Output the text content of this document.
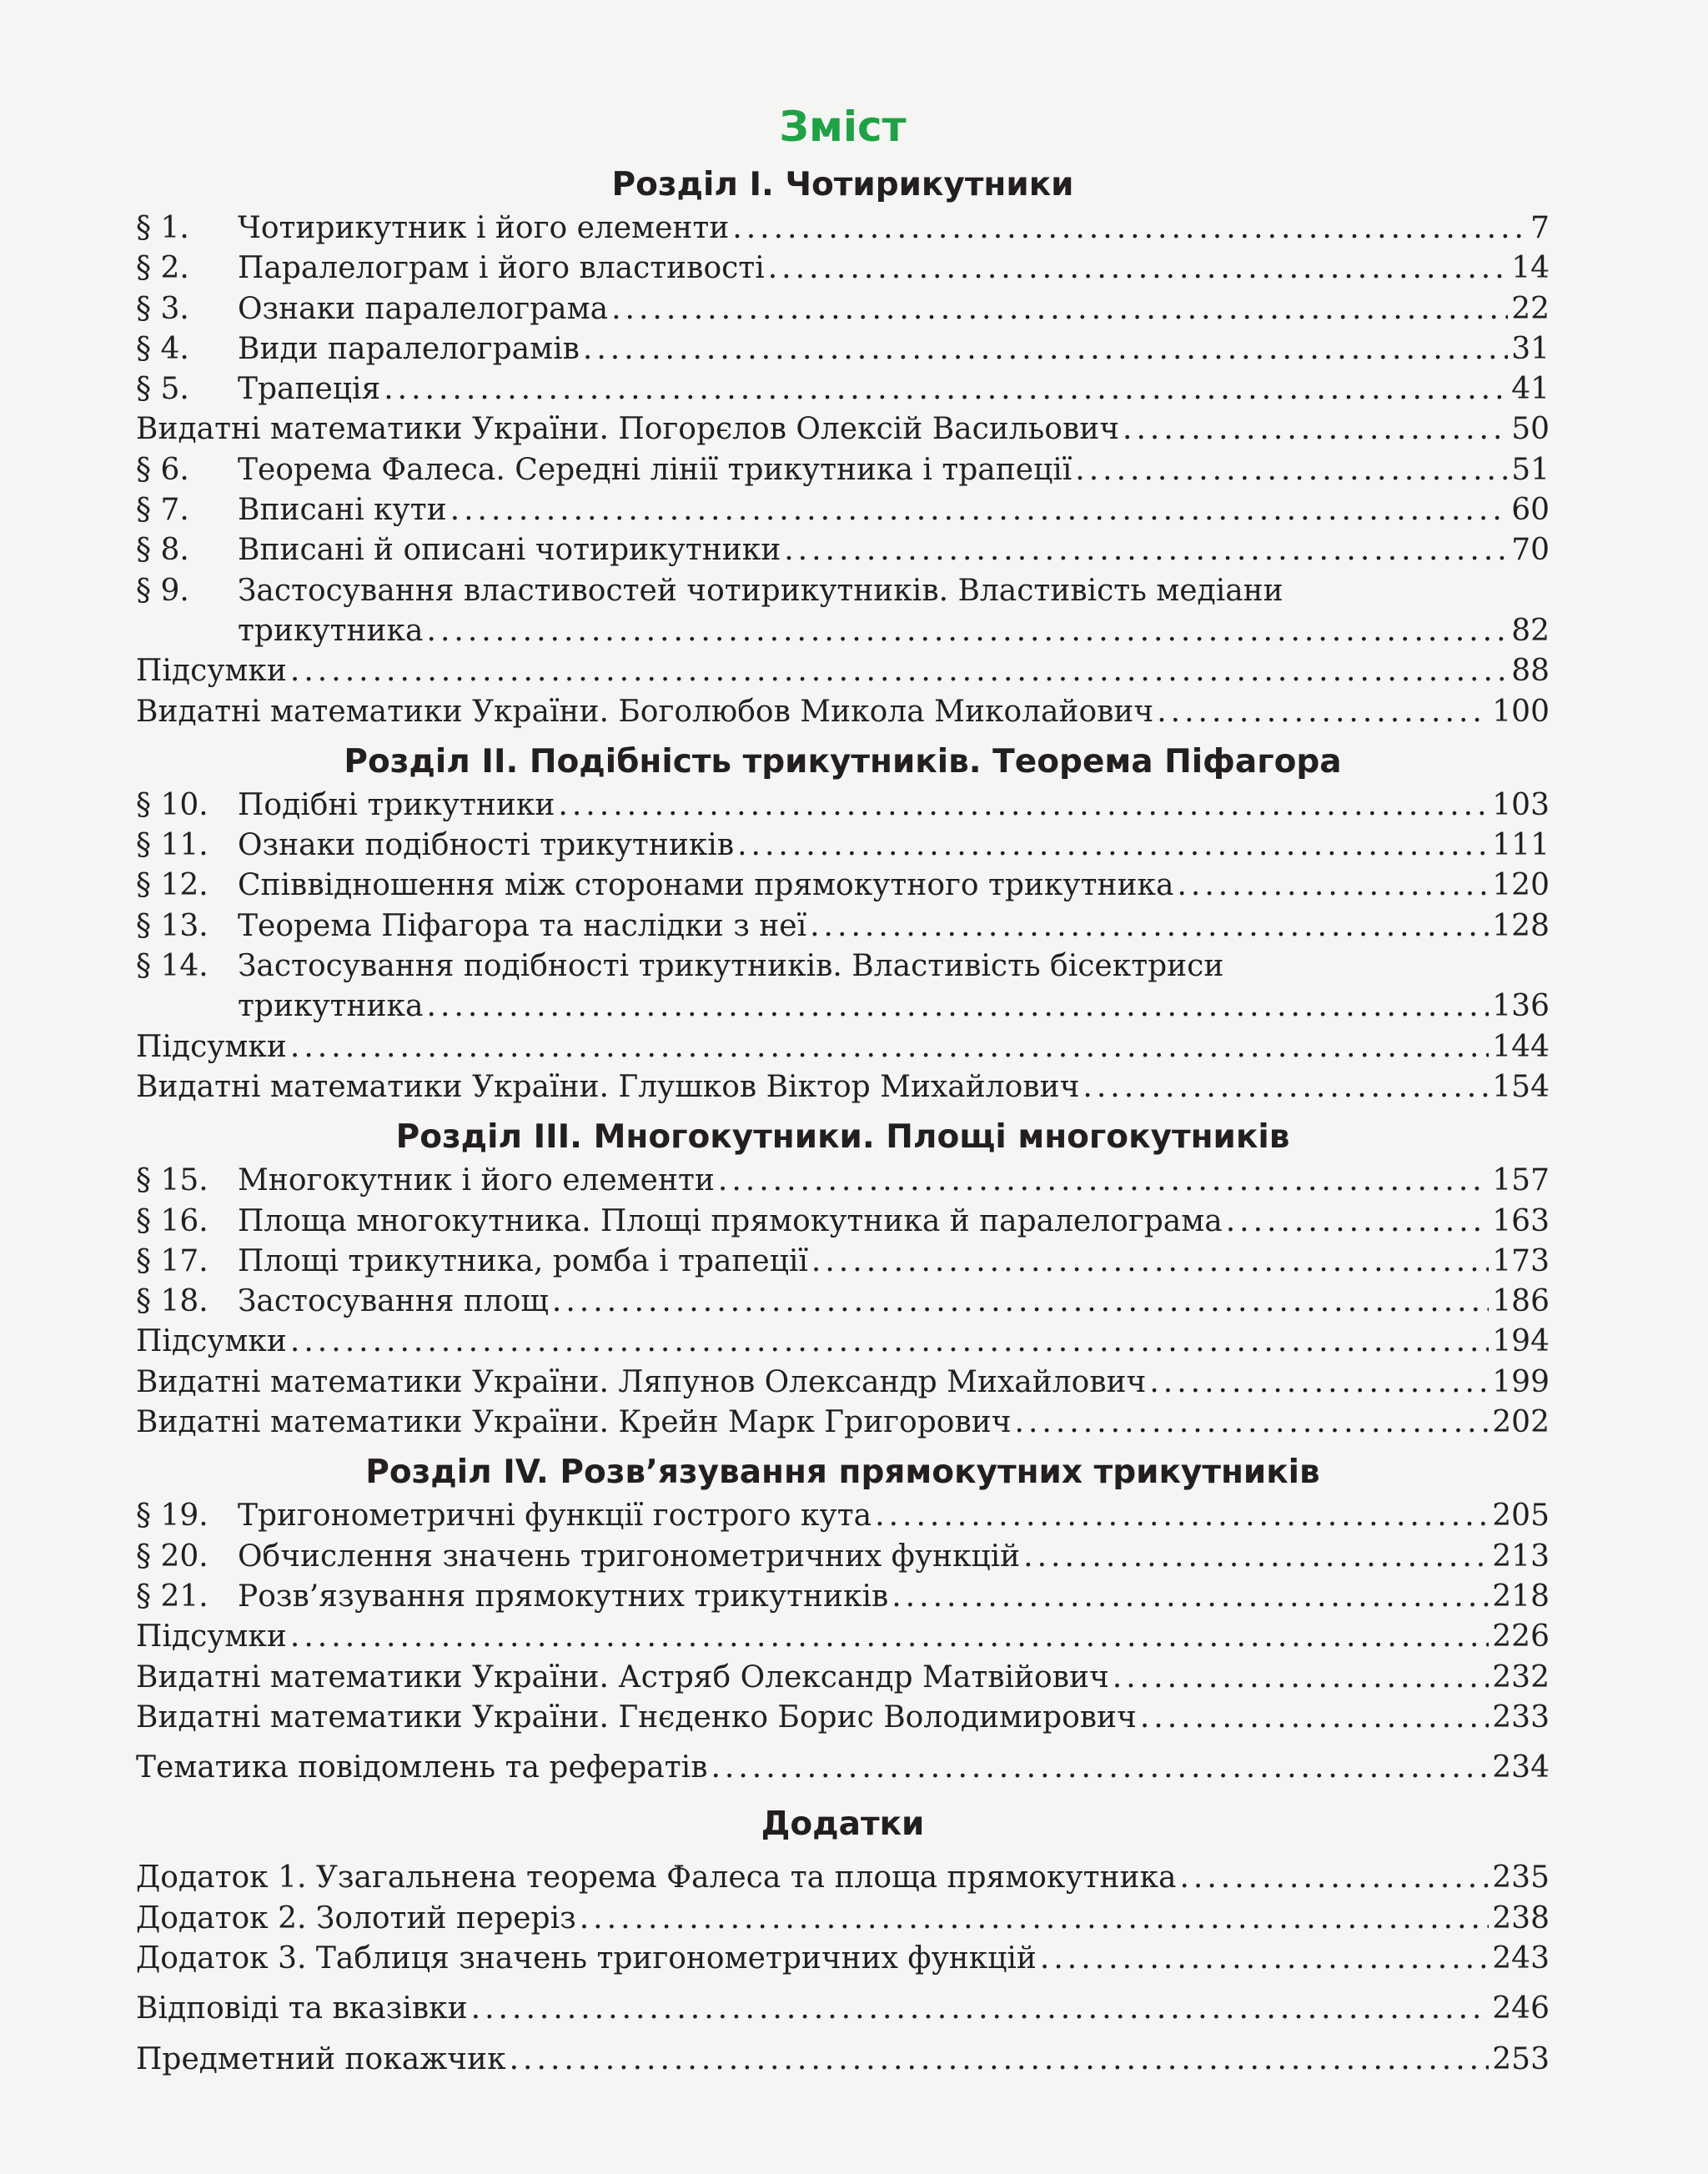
Зміст
Розділ І. Чотирикутники
§ 1.	Чотирикутник і його елементи .....	7
§ 2.	Паралелограм і його властивості .....	14
§ 3.	Ознаки паралелограма .....	22
§ 4.	Види паралелограмів .....	31
§ 5.	Трапеція .....	41
Видатні математики України. Погорєлов Олексій Васильович .....	50
§ 6.	Теорема Фалеса. Середні лінії трикутника і трапеції .....	51
§ 7.	Вписані кути .....	60
§ 8.	Вписані й описані чотирикутники .....	70
§ 9.	Застосування властивостей чотирикутників. Властивість медіани
трикутника .....	82
Підсумки .....	88
Видатні математики України. Боголюбов Микола Миколайович .....	100
Розділ ІІ. Подібність трикутників. Теорема Піфагора
§ 10. Подібні трикутники .....	103
§ 11. Ознаки подібності трикутників .....	111
§ 12. Співвідношення між сторонами прямокутного трикутника .....	120
§ 13. Теорема Піфагора та наслідки з неї .....	128
§ 14. Застосування подібності трикутників. Властивість бісектриси
трикутника .....	136
Підсумки .....	144
Видатні математики України. Глушков Віктор Михайлович .....	154
Розділ ІІІ. Многокутники. Площі многокутників
§ 15. Многокутник і його елементи .....	157
§ 16. Площа многокутника. Площі прямокутника й паралелограма .....	163
§ 17. Площі трикутника, ромба і трапеції .....	173
§ 18. Застосування площ .....	186
Підсумки .....	194
Видатні математики України. Ляпунов Олександр Михайлович .....	199
Видатні математики України. Крейн Марк Григорович .....	202
Розділ IV. Розв’язування прямокутних трикутників
§ 19. Тригонометричні функції гострого кута .....	205
§ 20. Обчислення значень тригонометричних функцій .....	213
§ 21. Розв’язування прямокутних трикутників .....	218
Підсумки .....	226
Видатні математики України. Астряб Олександр Матвійович .....	232
Видатні математики України. Гнєденко Борис Володимирович .....	233
Тематика повідомлень та рефератів .....	234
Додатки
Додаток 1. Узагальнена теорема Фалеса та площа прямокутника .....	235
Додаток 2. Золотий переріз .....	238
Додаток 3. Таблиця значень тригонометричних функцій .....	243
Відповіді та вказівки .....	246
Предметний покажчик .....	253
